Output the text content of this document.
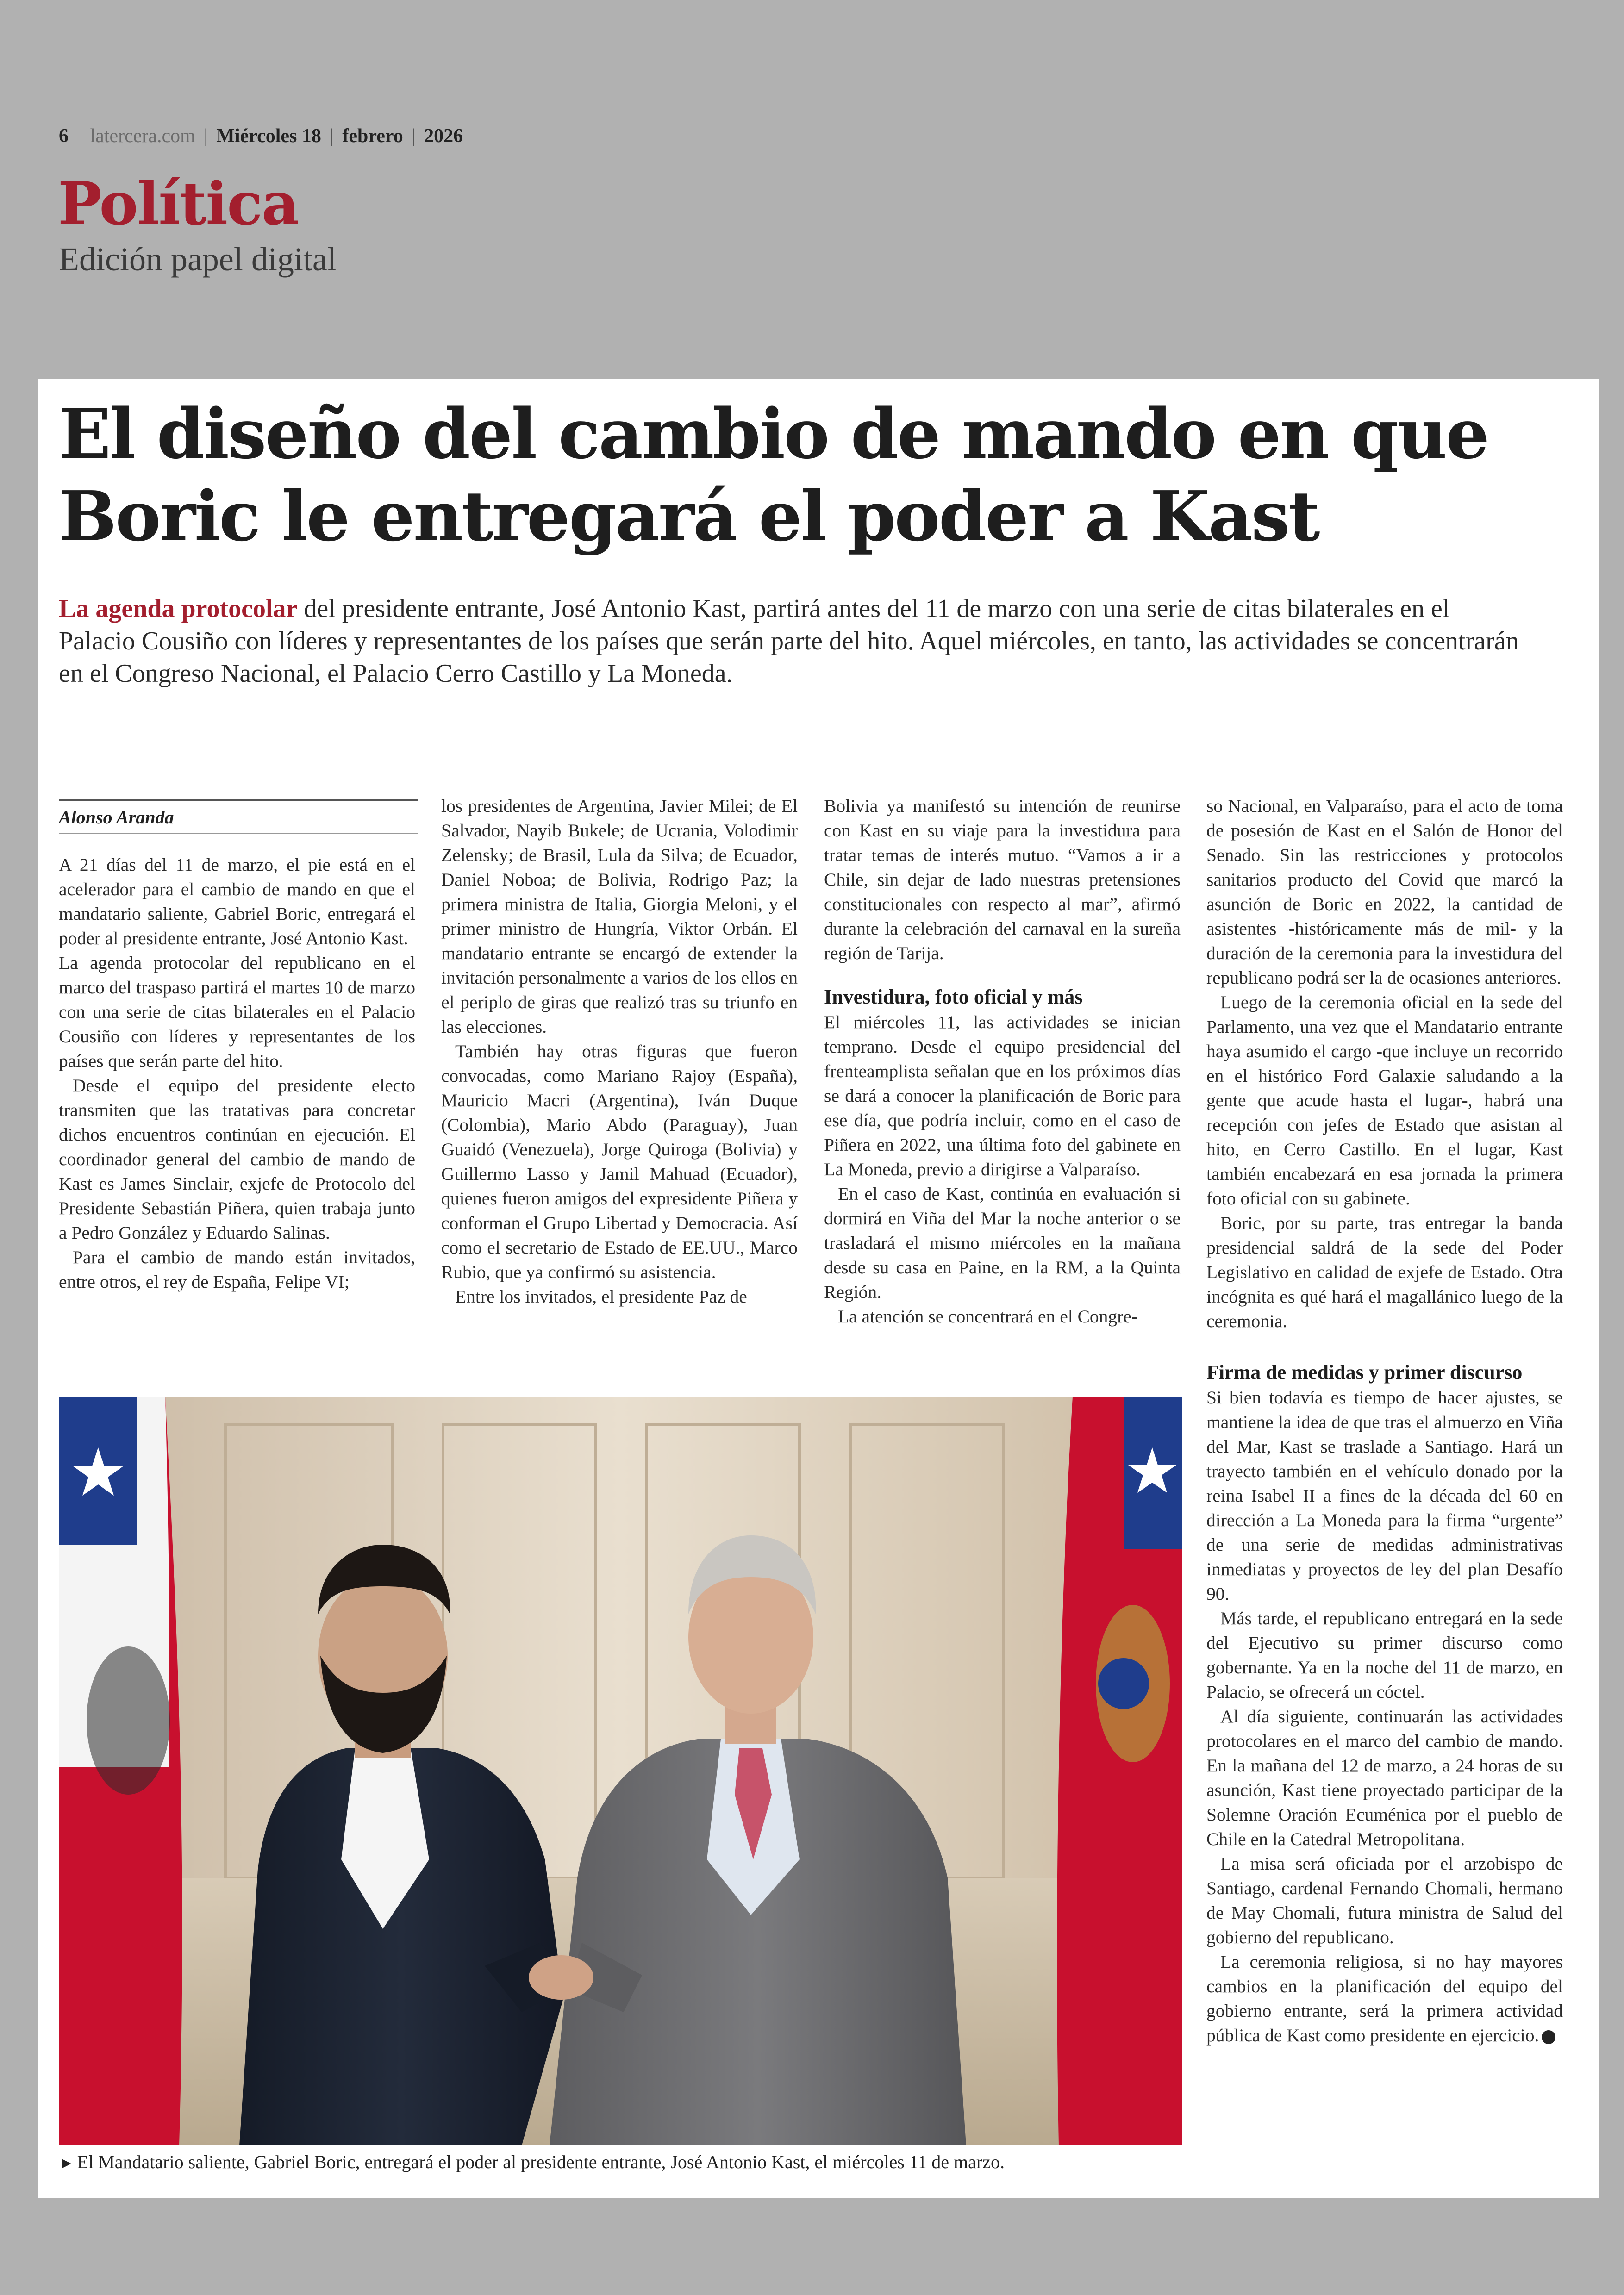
6 latercera.com | Miércoles 18 | febrero | 2026
Política
Edición papel digital
El diseño del cambio de mando en que Boric le entregará el poder a Kast

La agenda protocolar del presidente entrante, José Antonio Kast, partirá antes del 11 de marzo con una serie de citas bilaterales en el Palacio Cousiño con líderes y representantes de los países que serán parte del hito. Aquel miércoles, en tanto, las actividades se concentrarán en el Congreso Nacional, el Palacio Cerro Castillo y La Moneda.

Alonso Aranda

A 21 días del 11 de marzo, el pie está en el acelerador para el cambio de mando en que el mandatario saliente, Gabriel Boric, entregará el poder al presidente entrante, José Antonio Kast.

La agenda protocolar del republicano en el marco del traspaso partirá el martes 10 de marzo con una serie de citas bilaterales en el Palacio Cousiño con líderes y representantes de los países que serán parte del hito.

Desde el equipo del presidente electo transmiten que las tratativas para concretar dichos encuentros continúan en ejecución. El coordinador general del cambio de mando de Kast es James Sinclair, exjefe de Protocolo del Presidente Sebastián Piñera, quien trabaja junto a Pedro González y Eduardo Salinas.

Para el cambio de mando están invitados, entre otros, el rey de España, Felipe VI;

los presidentes de Argentina, Javier Milei; de El Salvador, Nayib Bukele; de Ucrania, Volodimir Zelensky; de Brasil, Lula da Silva; de Ecuador, Daniel Noboa; de Bolivia, Rodrigo Paz; la primera ministra de Italia, Giorgia Meloni, y el primer ministro de Hungría, Viktor Orbán. El mandatario entrante se encargó de extender la invitación personalmente a varios de los ellos en el periplo de giras que realizó tras su triunfo en las elecciones.

También hay otras figuras que fueron convocadas, como Mariano Rajoy (España), Mauricio Macri (Argentina), Iván Duque (Colombia), Mario Abdo (Paraguay), Juan Guaidó (Venezuela), Jorge Quiroga (Bolivia) y Guillermo Lasso y Jamil Mahuad (Ecuador), quienes fueron amigos del expresidente Piñera y conforman el Grupo Libertad y Democracia. Así como el secretario de Estado de EE.UU., Marco Rubio, que ya confirmó su asistencia.

Entre los invitados, el presidente Paz de

Bolivia ya manifestó su intención de reunirse con Kast en su viaje para la investidura para tratar temas de interés mutuo. “Vamos a ir a Chile, sin dejar de lado nuestras pretensiones constitucionales con respecto al mar”, afirmó durante la celebración del carnaval en la sureña región de Tarija.

Investidura, foto oficial y más

El miércoles 11, las actividades se inician temprano. Desde el equipo presidencial del frenteamplista señalan que en los próximos días se dará a conocer la planificación de Boric para ese día, que podría incluir, como en el caso de Piñera en 2022, una última foto del gabinete en La Moneda, previo a dirigirse a Valparaíso.

En el caso de Kast, continúa en evaluación si dormirá en Viña del Mar la noche anterior o se trasladará el mismo miércoles en la mañana desde su casa en Paine, en la RM, a la Quinta Región.

La atención se concentrará en el Congre-

so Nacional, en Valparaíso, para el acto de toma de posesión de Kast en el Salón de Honor del Senado. Sin las restricciones y protocolos sanitarios producto del Covid que marcó la asunción de Boric en 2022, la cantidad de asistentes -históricamente más de mil- y la duración de la ceremonia para la investidura del republicano podrá ser la de ocasiones anteriores.

Luego de la ceremonia oficial en la sede del Parlamento, una vez que el Mandatario entrante haya asumido el cargo -que incluye un recorrido en el histórico Ford Galaxie saludando a la gente que acude hasta el lugar-, habrá una recepción con jefes de Estado que asistan al hito, en Cerro Castillo. En el lugar, Kast también encabezará en esa jornada la primera foto oficial con su gabinete.

Boric, por su parte, tras entregar la banda presidencial saldrá de la sede del Poder Legislativo en calidad de exjefe de Estado. Otra incógnita es qué hará el magallánico luego de la ceremonia.

Firma de medidas y primer discurso

Si bien todavía es tiempo de hacer ajustes, se mantiene la idea de que tras el almuerzo en Viña del Mar, Kast se traslade a Santiago. Hará un trayecto también en el vehículo donado por la reina Isabel II a fines de la década del 60 en dirección a La Moneda para la firma “urgente” de una serie de medidas administrativas inmediatas y proyectos de ley del plan Desafío 90.

Más tarde, el republicano entregará en la sede del Ejecutivo su primer discurso como gobernante. Ya en la noche del 11 de marzo, en Palacio, se ofrecerá un cóctel.

Al día siguiente, continuarán las actividades protocolares en el marco del cambio de mando. En la mañana del 12 de marzo, a 24 horas de su asunción, Kast tiene proyectado participar de la Solemne Oración Ecuménica por el pueblo de Chile en la Catedral Metropolitana.

La misa será oficiada por el arzobispo de Santiago, cardenal Fernando Chomali, hermano de May Chomali, futura ministra de Salud del gobierno del republicano.

La ceremonia religiosa, si no hay mayores cambios en la planificación del equipo del gobierno entrante, será la primera actividad pública de Kast como presidente en ejercicio.

► El Mandatario saliente, Gabriel Boric, entregará el poder al presidente entrante, José Antonio Kast, el miércoles 11 de marzo.
